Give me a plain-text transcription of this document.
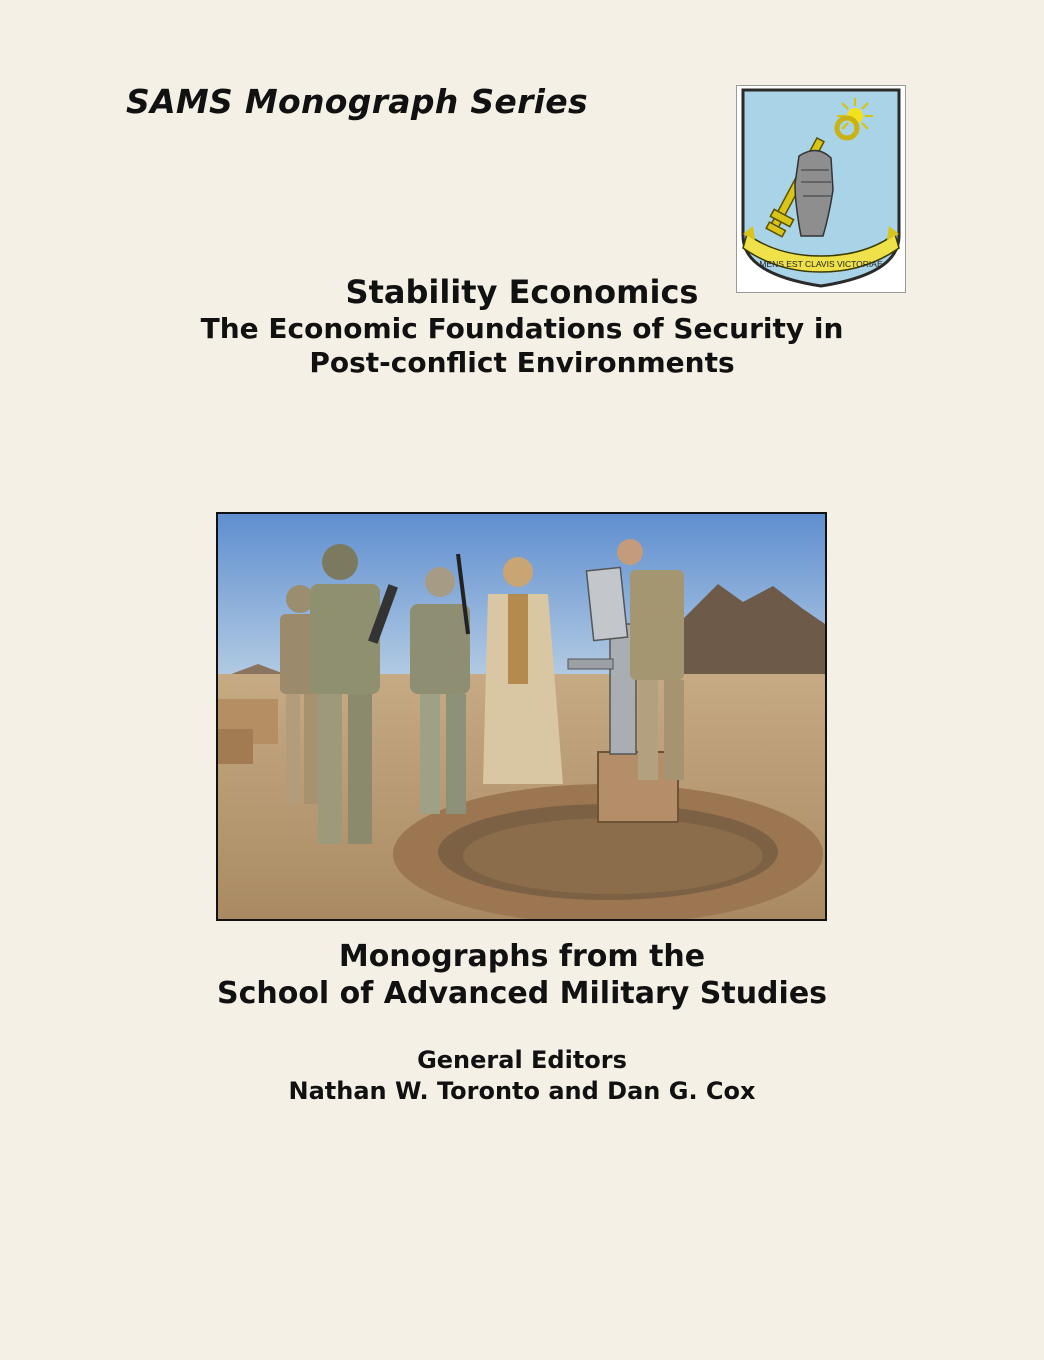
SAMS Monograph Series
MENS EST CLAVIS VICTORIAE
Stability Economics
The Economic Foundations of Security in
Post-conflict Environments
Monographs from the
School of Advanced Military Studies
General Editors
Nathan W. Toronto and Dan G. Cox
